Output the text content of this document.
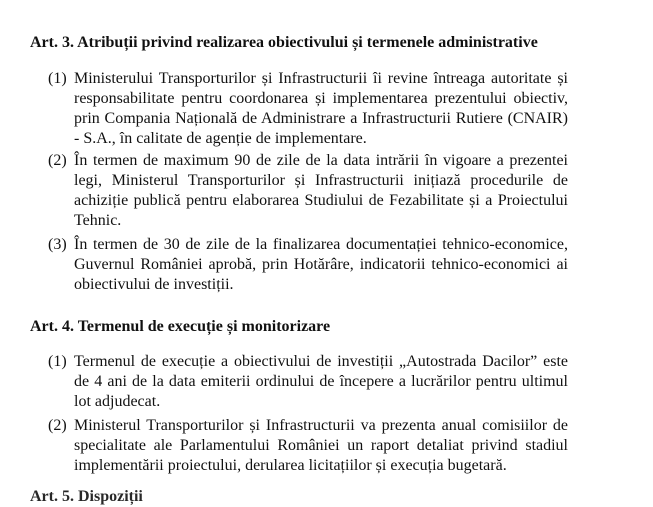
Art. 3. Atribuții privind realizarea obiectivului și termenele administrative
(1) Ministerului Transporturilor și Infrastructurii îi revine întreaga autoritate și responsabilitate pentru coordonarea și implementarea prezentului obiectiv, prin Compania Națională de Administrare a Infrastructurii Rutiere (CNAIR) - S.A., în calitate de agenție de implementare.
(2) În termen de maximum 90 de zile de la data intrării în vigoare a prezentei legi, Ministerul Transporturilor și Infrastructurii inițiază procedurile de achiziție publică pentru elaborarea Studiului de Fezabilitate și a Proiectului Tehnic.
(3) În termen de 30 de zile de la finalizarea documentației tehnico-economice, Guvernul României aprobă, prin Hotărâre, indicatorii tehnico-economici ai obiectivului de investiții.
Art. 4. Termenul de execuție și monitorizare
(1) Termenul de execuție a obiectivului de investiții „Autostrada Dacilor” este de 4 ani de la data emiterii ordinului de începere a lucrărilor pentru ultimul lot adjudecat.
(2) Ministerul Transporturilor și Infrastructurii va prezenta anual comisiilor de specialitate ale Parlamentului României un raport detaliat privind stadiul implementării proiectului, derularea licitațiilor și execuția bugetară.
Art. 5. Dispoziții
